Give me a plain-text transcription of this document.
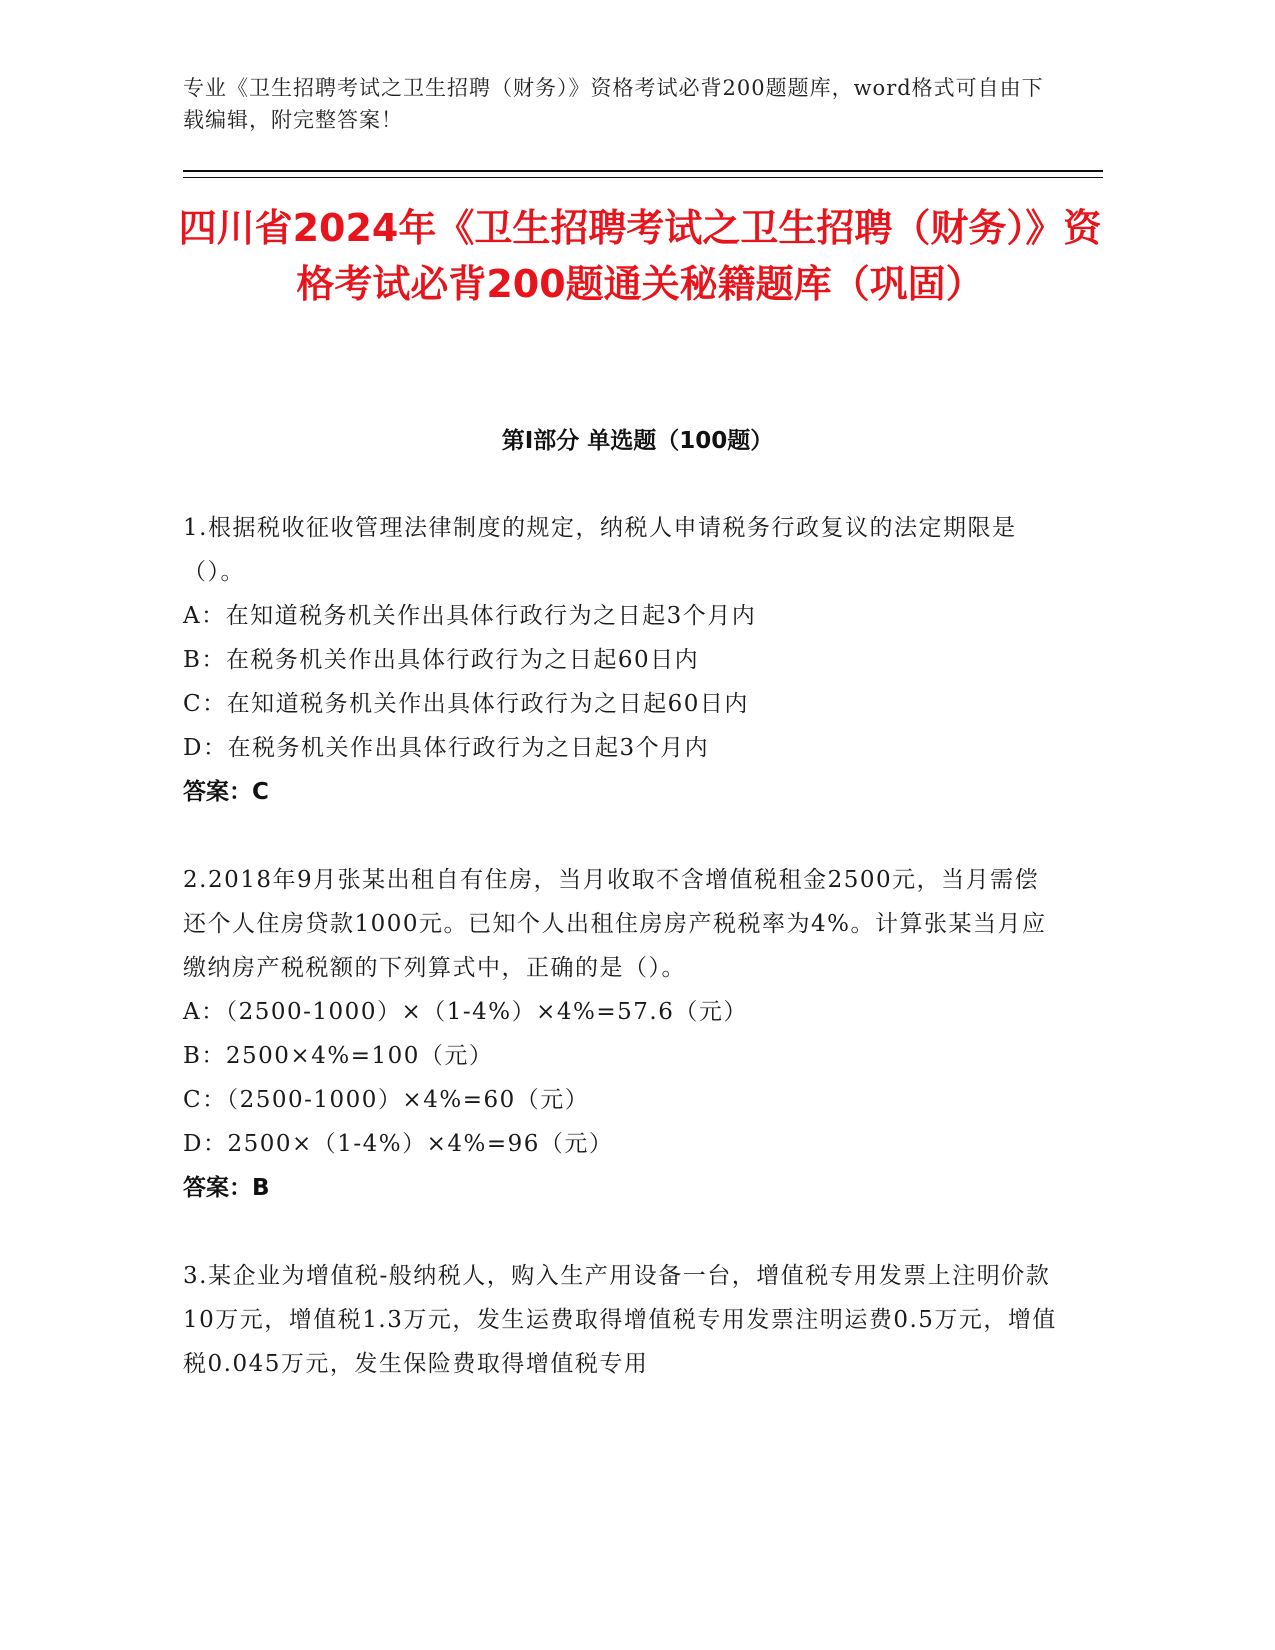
专业《卫生招聘考试之卫生招聘（财务）》资格考试必背200题题库，word格式可自由下载编辑，附完整答案！
四川省2024年《卫生招聘考试之卫生招聘（财务）》资格考试必背200题通关秘籍题库（巩固）
第I部分 单选题（100题）
1.根据税收征收管理法律制度的规定，纳税人申请税务行政复议的法定期限是（）。
A：在知道税务机关作出具体行政行为之日起3个月内
B：在税务机关作出具体行政行为之日起60日内
C：在知道税务机关作出具体行政行为之日起60日内
D：在税务机关作出具体行政行为之日起3个月内
答案：C
2.2018年9月张某出租自有住房，当月收取不含增值税租金2500元，当月需偿还个人住房贷款1000元。已知个人出租住房房产税税率为4%。计算张某当月应缴纳房产税税额的下列算式中，正确的是（）。
A：（2500-1000）×（1-4%）×4%=57.6（元）
B：2500×4%=100（元）
C：（2500-1000）×4%=60（元）
D：2500×（1-4%）×4%=96（元）
答案：B
3.某企业为增值税-般纳税人，购入生产用设备一台，增值税专用发票上注明价款10万元，增值税1.3万元，发生运费取得增值税专用发票注明运费0.5万元，增值税0.045万元，发生保险费取得增值税专用
